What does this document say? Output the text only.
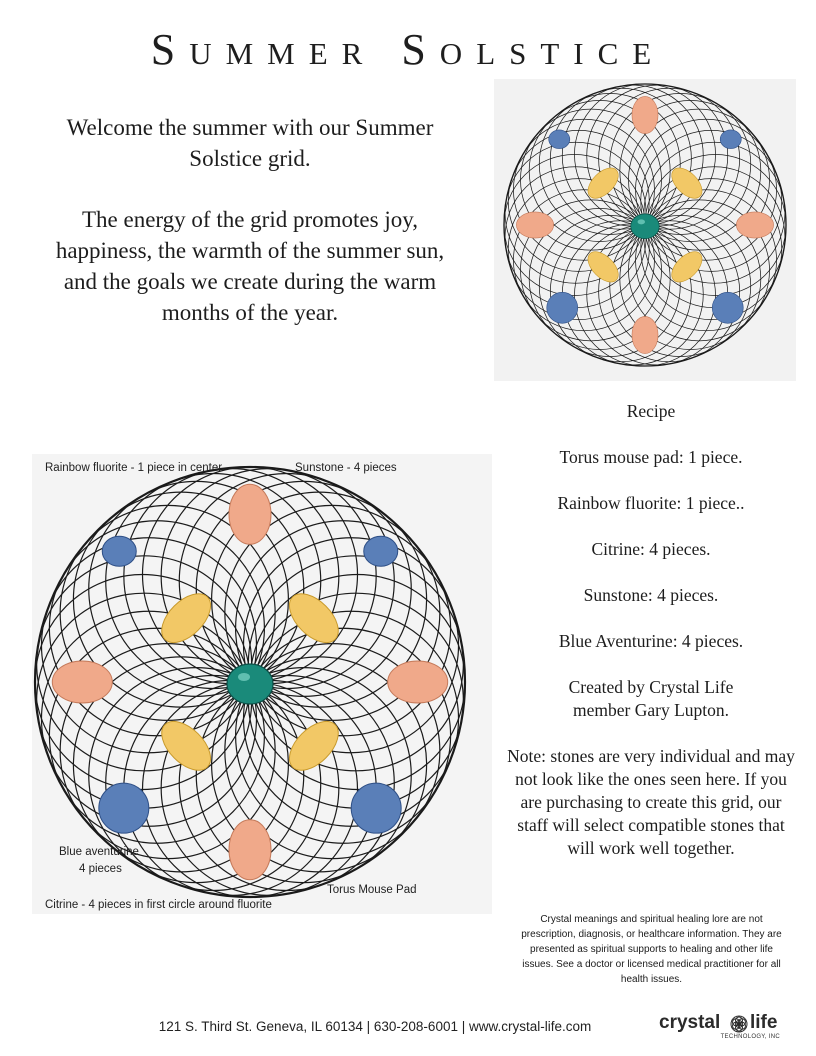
Summer Solstice

Welcome the summer with our Summer Solstice grid.

The energy of the grid promotes joy, happiness, the warmth of the summer sun, and the goals we create during the warm months of the year.

Rainbow fluorite - 1 piece in center	Sunstone - 4 pieces
Blue aventurine
4 pieces
Torus Mouse Pad
Citrine - 4 pieces in first circle around fluorite

Recipe

Torus mouse pad: 1 piece.

Rainbow fluorite: 1 piece..

Citrine: 4 pieces.

Sunstone: 4 pieces.

Blue Aventurine: 4 pieces.

Created by Crystal Life member Gary Lupton.

Note: stones are very individual and may not look like the ones seen here. If you are purchasing to create this grid, our staff will select compatible stones that will work well together.

Crystal meanings and spiritual healing lore are not prescription, diagnosis, or healthcare information. They are presented as spiritual supports to healing and other life issues. See a doctor or licensed medical practitioner for all health issues.
121 S. Third St. Geneva, IL 60134 | 630-208-6001 | www.crystal-life.com	crystal life
TECHNOLOGY, INC
